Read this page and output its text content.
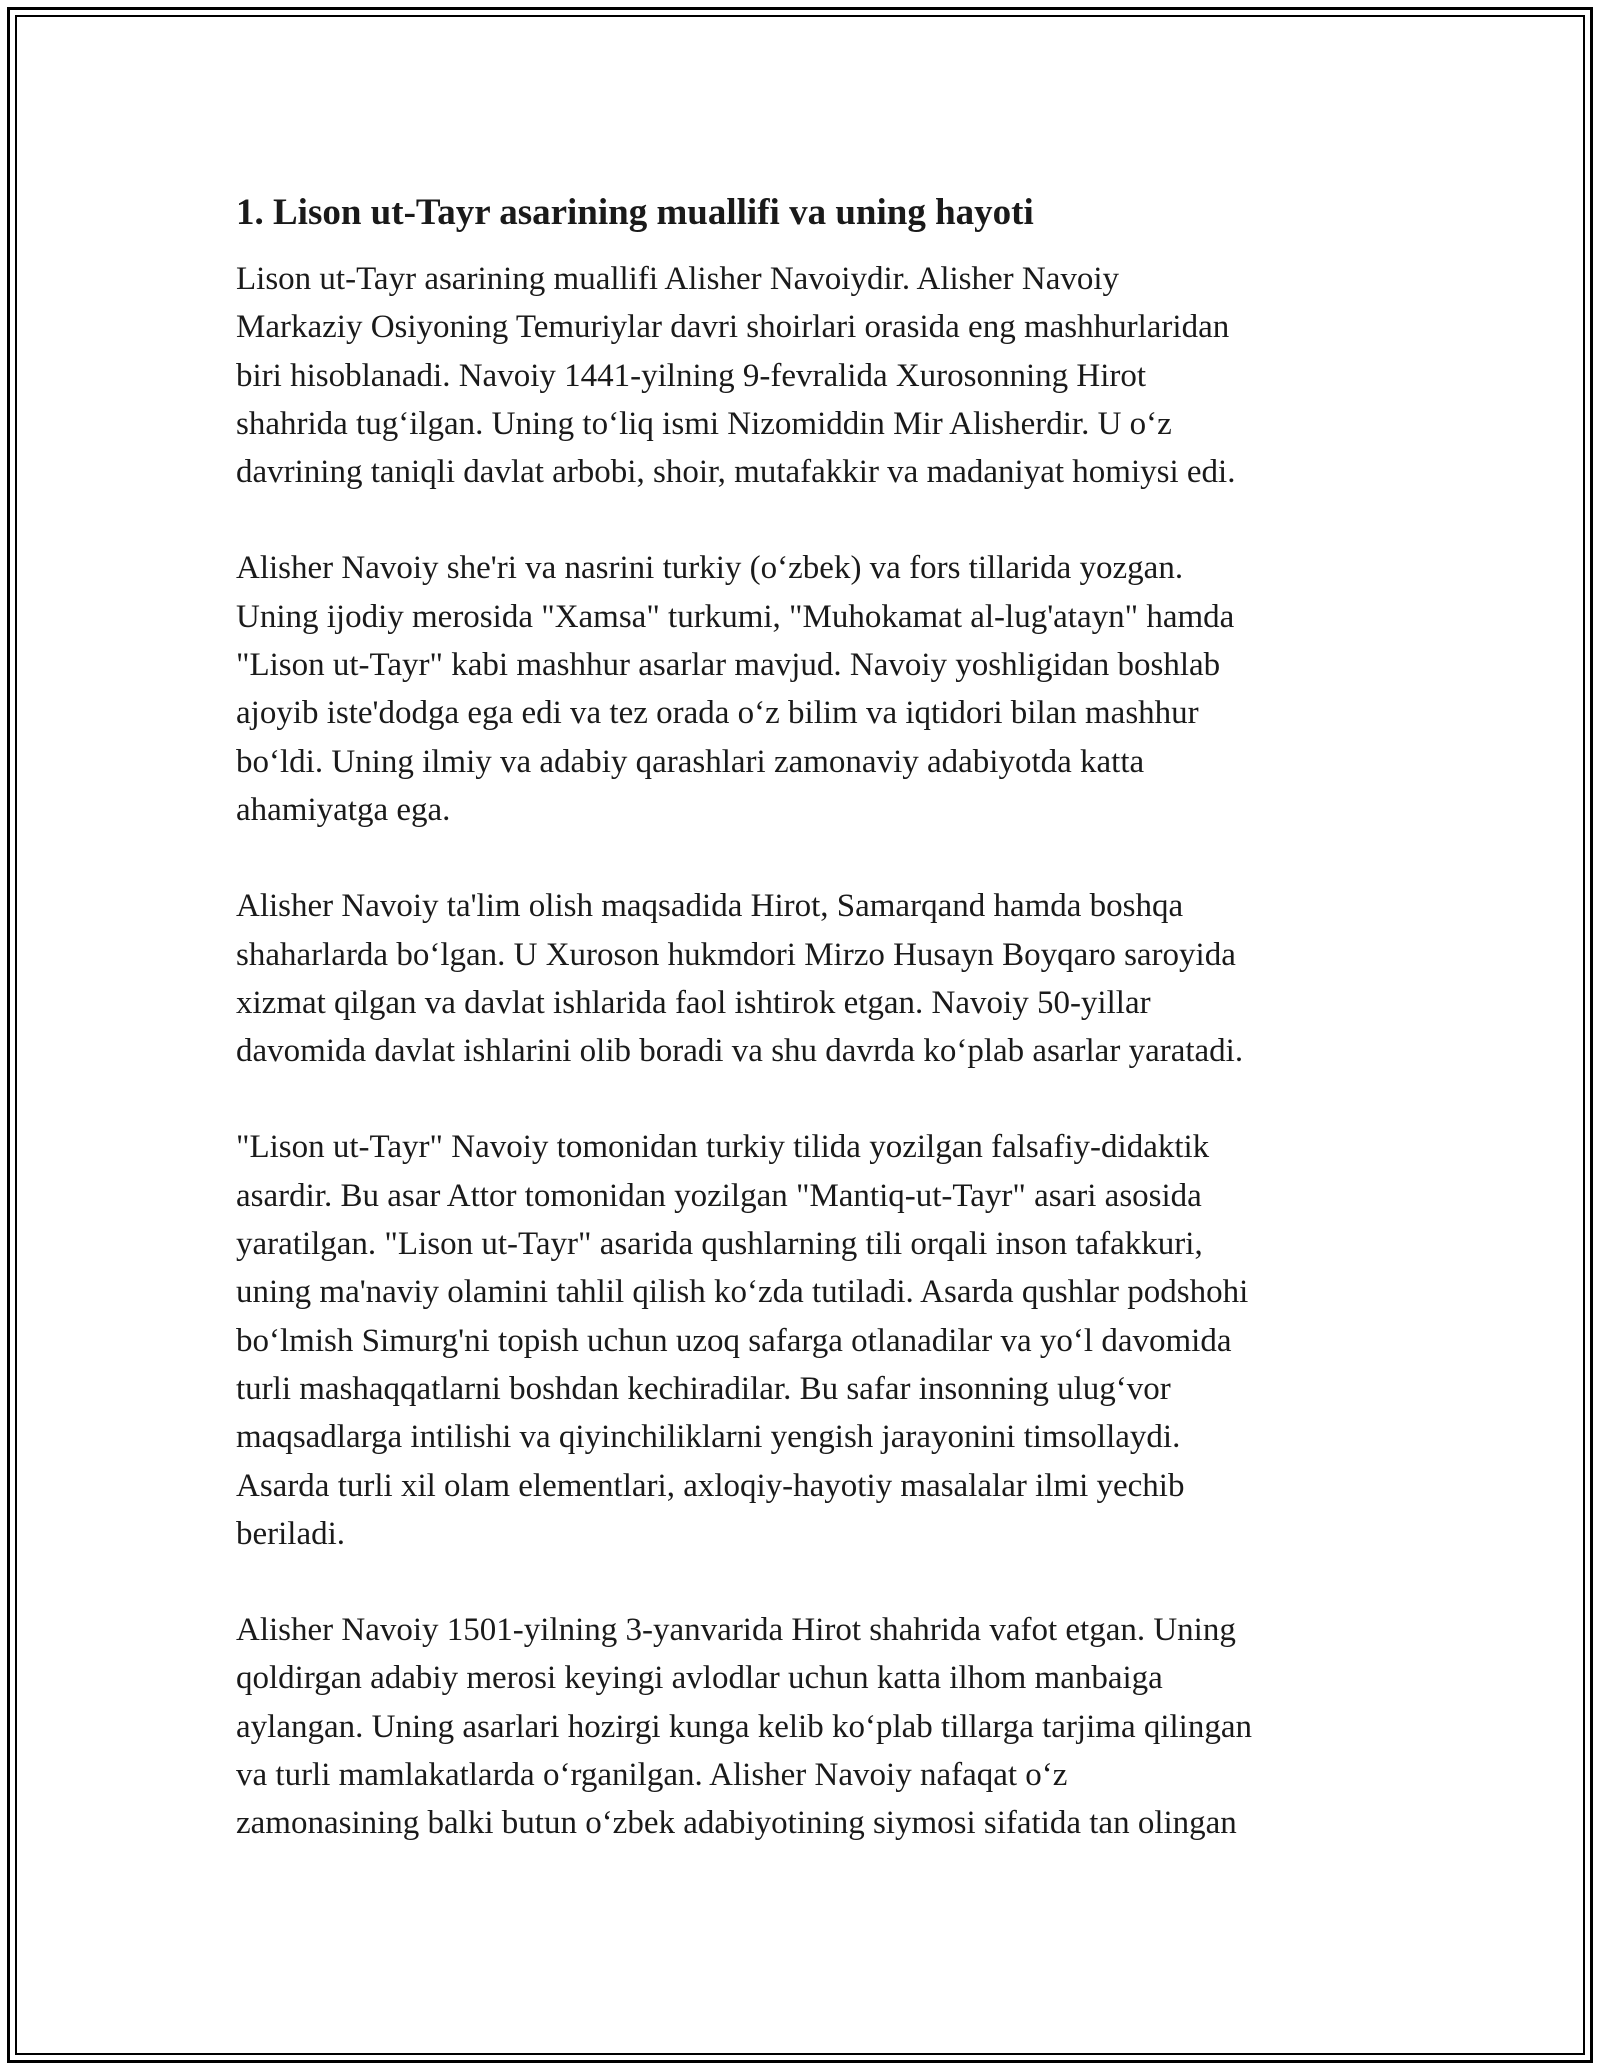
1. Lison ut-Tayr asarining muallifi va uning hayoti
Lison ut-Tayr asarining muallifi Alisher Navoiydir. Alisher Navoiy
Markaziy Osiyoning Temuriylar davri shoirlari orasida eng mashhurlaridan
biri hisoblanadi. Navoiy 1441-yilning 9-fevralida Xurosonning Hirot
shahrida tug‘ilgan. Uning to‘liq ismi Nizomiddin Mir Alisherdir. U o‘z
davrining taniqli davlat arbobi, shoir, mutafakkir va madaniyat homiysi edi.
Alisher Navoiy she'ri va nasrini turkiy (o‘zbek) va fors tillarida yozgan.
Uning ijodiy merosida "Xamsa" turkumi, "Muhokamat al-lug'atayn" hamda
"Lison ut-Tayr" kabi mashhur asarlar mavjud. Navoiy yoshligidan boshlab
ajoyib iste'dodga ega edi va tez orada o‘z bilim va iqtidori bilan mashhur
bo‘ldi. Uning ilmiy va adabiy qarashlari zamonaviy adabiyotda katta
ahamiyatga ega.
Alisher Navoiy ta'lim olish maqsadida Hirot, Samarqand hamda boshqa
shaharlarda bo‘lgan. U Xuroson hukmdori Mirzo Husayn Boyqaro saroyida
xizmat qilgan va davlat ishlarida faol ishtirok etgan. Navoiy 50-yillar
davomida davlat ishlarini olib boradi va shu davrda ko‘plab asarlar yaratadi.
"Lison ut-Tayr" Navoiy tomonidan turkiy tilida yozilgan falsafiy-didaktik
asardir. Bu asar Attor tomonidan yozilgan "Mantiq-ut-Tayr" asari asosida
yaratilgan. "Lison ut-Tayr" asarida qushlarning tili orqali inson tafakkuri,
uning ma'naviy olamini tahlil qilish ko‘zda tutiladi. Asarda qushlar podshohi
bo‘lmish Simurg'ni topish uchun uzoq safarga otlanadilar va yo‘l davomida
turli mashaqqatlarni boshdan kechiradilar. Bu safar insonning ulug‘vor
maqsadlarga intilishi va qiyinchiliklarni yengish jarayonini timsollaydi.
Asarda turli xil olam elementlari, axloqiy-hayotiy masalalar ilmi yechib
beriladi.
Alisher Navoiy 1501-yilning 3-yanvarida Hirot shahrida vafot etgan. Uning
qoldirgan adabiy merosi keyingi avlodlar uchun katta ilhom manbaiga
aylangan. Uning asarlari hozirgi kunga kelib ko‘plab tillarga tarjima qilingan
va turli mamlakatlarda o‘rganilgan. Alisher Navoiy nafaqat o‘z
zamonasining balki butun o‘zbek adabiyotining siymosi sifatida tan olingan
